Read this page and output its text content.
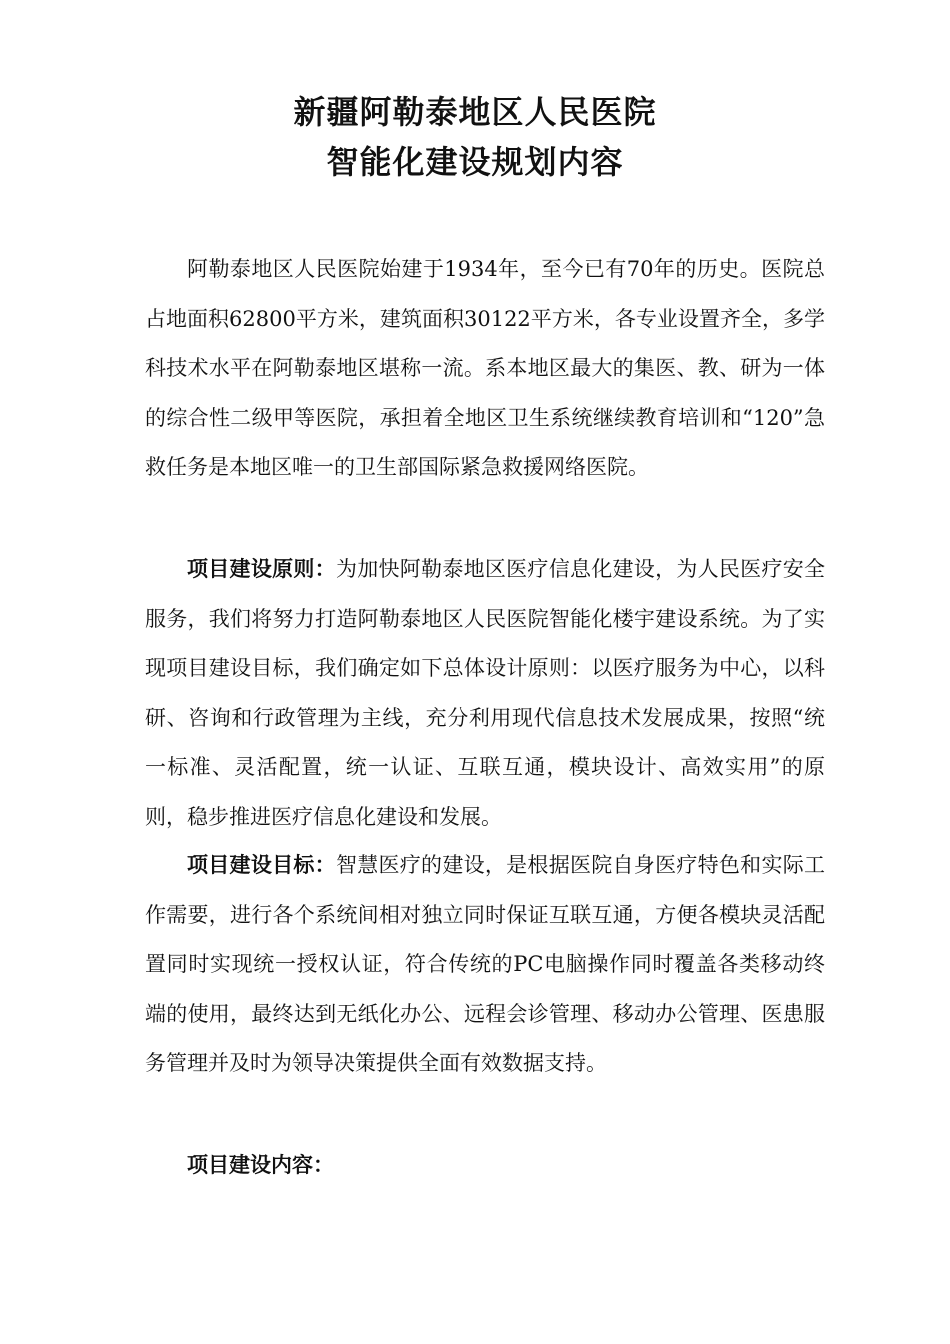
新疆阿勒泰地区人民医院
智能化建设规划内容

阿勒泰地区人民医院始建于1934年，至今已有70年的历史。医院总占地面积62800平方米，建筑面积30122平方米，各专业设置齐全，多学科技术水平在阿勒泰地区堪称一流。系本地区最大的集医、教、研为一体的综合性二级甲等医院，承担着全地区卫生系统继续教育培训和“120”急救任务是本地区唯一的卫生部国际紧急救援网络医院。

项目建设原则：为加快阿勒泰地区医疗信息化建设，为人民医疗安全服务，我们将努力打造阿勒泰地区人民医院智能化楼宇建设系统。为了实现项目建设目标，我们确定如下总体设计原则：以医疗服务为中心，以科研、咨询和行政管理为主线，充分利用现代信息技术发展成果，按照“统一标准、灵活配置，统一认证、互联互通，模块设计、高效实用”的原则，稳步推进医疗信息化建设和发展。

项目建设目标：智慧医疗的建设，是根据医院自身医疗特色和实际工作需要，进行各个系统间相对独立同时保证互联互通，方便各模块灵活配置同时实现统一授权认证，符合传统的PC电脑操作同时覆盖各类移动终端的使用，最终达到无纸化办公、远程会诊管理、移动办公管理、医患服务管理并及时为领导决策提供全面有效数据支持。

项目建设内容：
